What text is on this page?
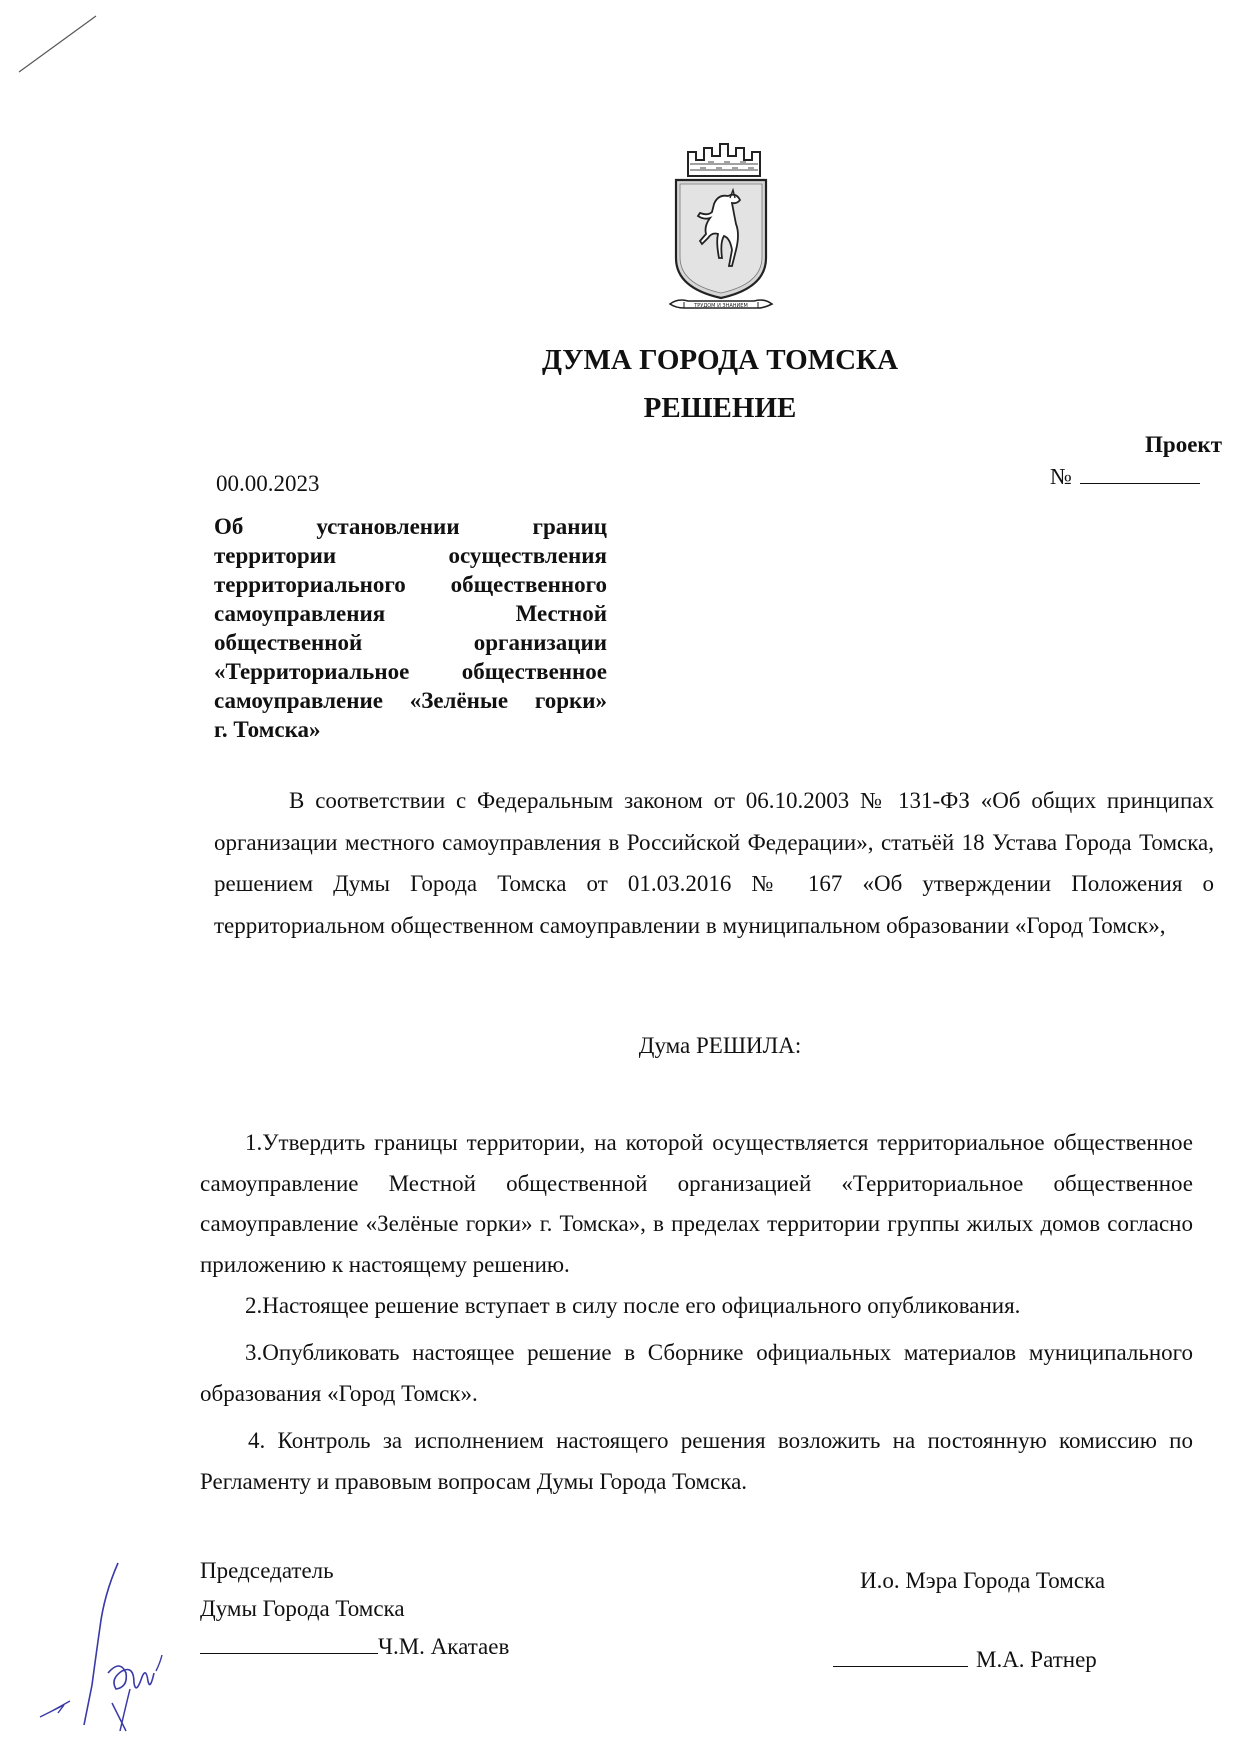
ТРУДОМ И ЗНАНИЕМ
ДУМА ГОРОДА ТОМСКА
РЕШЕНИЕ
Проект
№
00.00.2023
Об установлении границ
территории осуществления
территориального общественного
самоуправления Местной
общественной организации
«Территориальное общественное
самоуправление «Зелёные горки»
г. Томска»
В соответствии с Федеральным законом от 06.10.2003 № 131-ФЗ «Об общих принципах организации местного самоуправления в Российской Федерации», статьёй 18 Устава Города Томска, решением Думы Города Томска от 01.03.2016 № 167 «Об утверждении Положения о территориальном общественном самоуправлении в муниципальном образовании «Город Томск»,
Дума РЕШИЛА:
1.Утвердить границы территории, на которой осуществляется территориальное общественное самоуправление Местной общественной организацией «Территориальное общественное самоуправление «Зелёные горки» г. Томска», в пределах территории группы жилых домов согласно приложению к настоящему решению.
2.Настоящее решение вступает в силу после его официального опубликования.
3.Опубликовать настоящее решение в Сборнике официальных материалов муниципального образования «Город Томск».
4. Контроль за исполнением настоящего решения возложить на постоянную комиссию по Регламенту и правовым вопросам Думы Города Томска.
Председатель
Думы Города Томска
Ч.М. Акатаев
И.о. Мэра Города Томска
М.А. Ратнер
